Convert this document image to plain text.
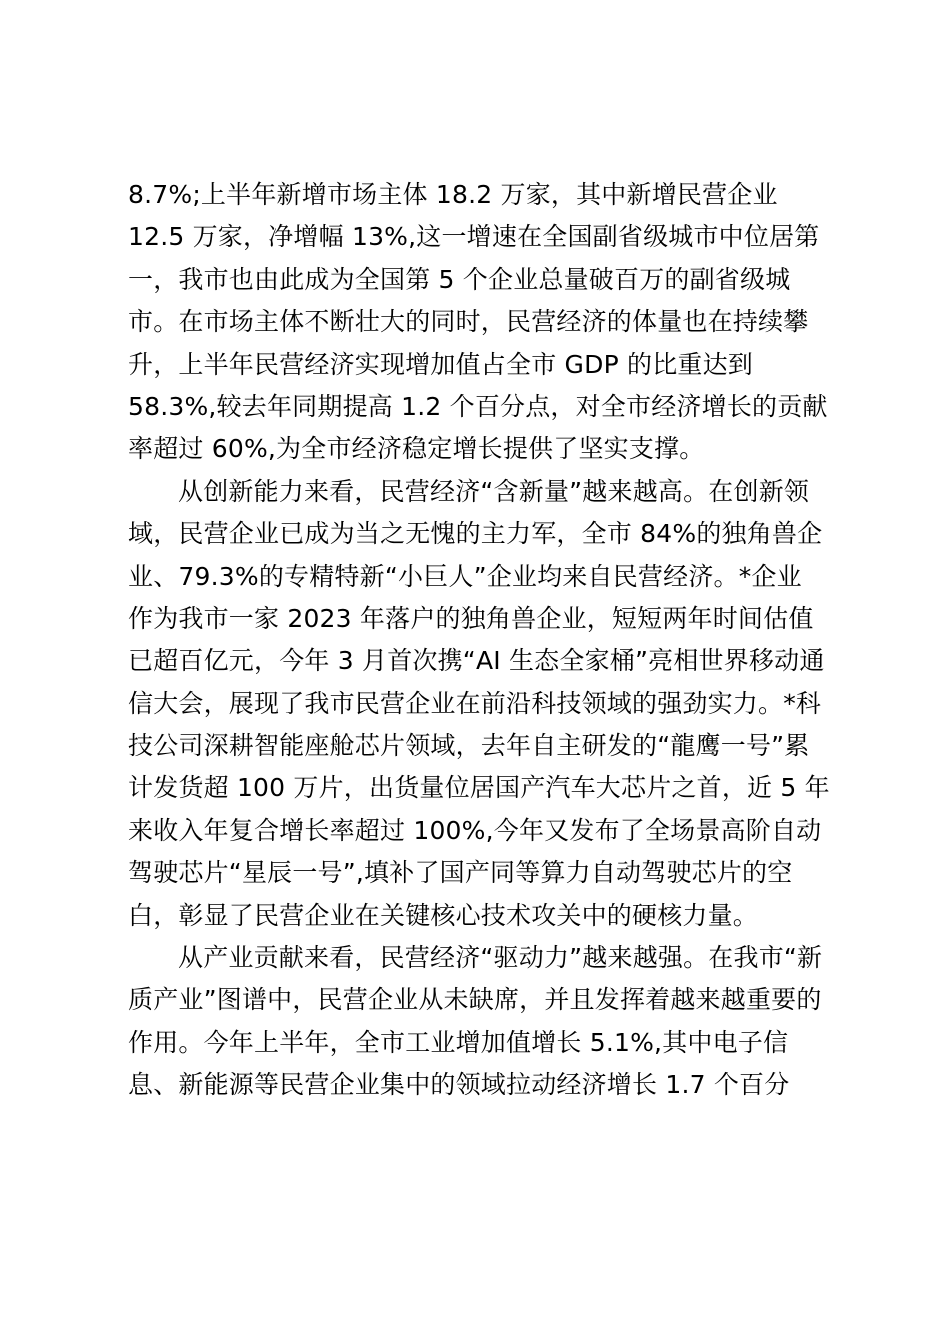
8.7%;上半年新增市场主体 18.2 万家，其中新增民营企业
12.5 万家，净增幅 13%,这一增速在全国副省级城市中位居第
一，我市也由此成为全国第 5 个企业总量破百万的副省级城
市。在市场主体不断壮大的同时，民营经济的体量也在持续攀
升，上半年民营经济实现增加值占全市 GDP 的比重达到
58.3%,较去年同期提高 1.2 个百分点，对全市经济增长的贡献
率超过 60%,为全市经济稳定增长提供了坚实支撑。
从创新能力来看，民营经济“含新量”越来越高。在创新领
域，民营企业已成为当之无愧的主力军，全市 84%的独角兽企
业、79.3%的专精特新“小巨人”企业均来自民营经济。*企业
作为我市一家 2023 年落户的独角兽企业，短短两年时间估值
已超百亿元，今年 3 月首次携“AI 生态全家桶”亮相世界移动通
信大会，展现了我市民营企业在前沿科技领域的强劲实力。*科
技公司深耕智能座舱芯片领域，去年自主研发的“龍鹰一号”累
计发货超 100 万片，出货量位居国产汽车大芯片之首，近 5 年
来收入年复合增长率超过 100%,今年又发布了全场景高阶自动
驾驶芯片“星辰一号”,填补了国产同等算力自动驾驶芯片的空
白，彰显了民营企业在关键核心技术攻关中的硬核力量。
从产业贡献来看，民营经济“驱动力”越来越强。在我市“新
质产业”图谱中，民营企业从未缺席，并且发挥着越来越重要的
作用。今年上半年，全市工业增加值增长 5.1%,其中电子信
息、新能源等民营企业集中的领域拉动经济增长 1.7 个百分
